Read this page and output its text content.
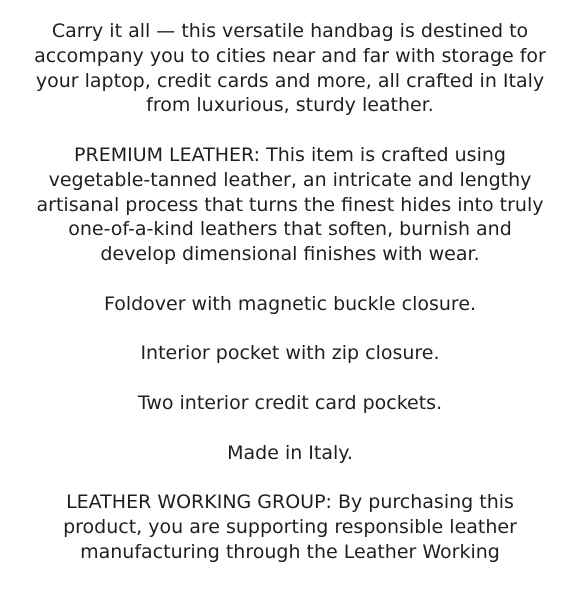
Carry it all — this versatile handbag is destined to accompany you to cities near and far with storage for your laptop, credit cards and more, all crafted in Italy from luxurious, sturdy leather.

PREMIUM LEATHER: This item is crafted using vegetable-tanned leather, an intricate and lengthy artisanal process that turns the finest hides into truly one-of-a-kind leathers that soften, burnish and develop dimensional finishes with wear.

Foldover with magnetic buckle closure.

Interior pocket with zip closure.

Two interior credit card pockets.

Made in Italy.

LEATHER WORKING GROUP: By purchasing this product, you are supporting responsible leather manufacturing through the Leather Working
